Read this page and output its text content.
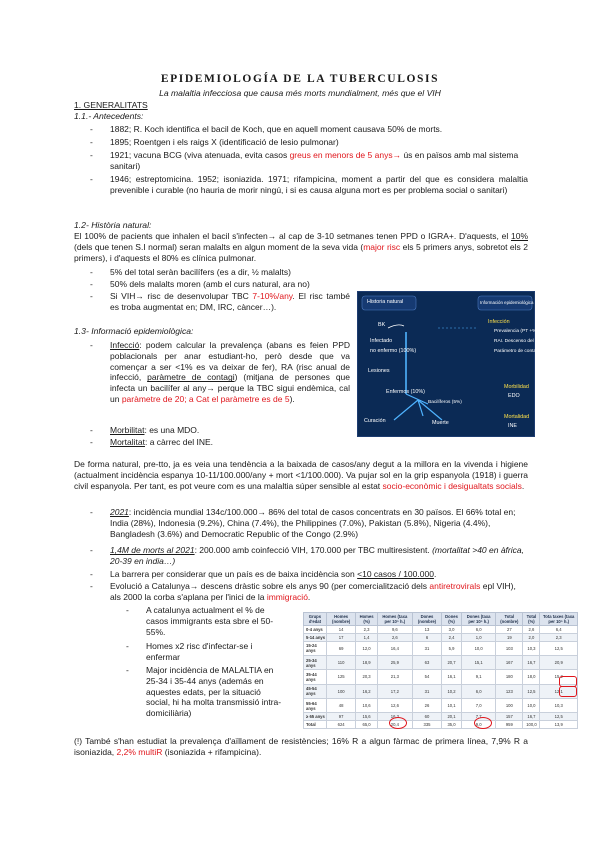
EPIDEMIOLOGÍA DE LA TUBERCULOSIS
La malaltia infecciosa que causa més morts mundialment, més que el VIH
1. GENERALITATS
1.1.- Antecedents:
- 1882; R. Koch identifica el bacil de Koch, que en aquell moment causava 50% de morts.
- 1895; Roentgen i els raigs X (identificació de lesio pulmonar)
- 1921; vacuna BCG (viva atenuada, evita casos greus en menors de 5 anys→ ús en països amb mal sistema sanitari)
- 1946; estreptomicina. 1952; isoniazida. 1971; rifampicina, moment a partir del que es considera malaltia prevenible i curable (no hauria de morir ningú, i si es causa alguna mort es per problema social o sanitari)
1.2- Història natural:
El 100% de pacients que inhalen el bacil s'infecten→ al cap de 3-10 setmanes tenen PPD o IGRA+. D'aquests, el 10% (dels que tenen S.I normal) seran malalts en algun moment de la seva vida (major risc els 5 primers anys, sobretot els 2 primers), i d'aquests el 80% es clínica pulmonar.
- 5% del total seràn bacilífers (es a dir, ½ malalts)
- 50% dels malalts moren (amb el curs natural, ara no)
- Si VIH→ risc de desenvolupar TBC 7-10%/any. El risc també es troba augmentat en; DM, IRC, càncer…).
1.3- Informació epidemiològica:
- Infecció: podem calcular la prevalença (abans es feien PPD poblacionals per anar estudiant-ho, però desde que va començar a ser <1% es va deixar de fer), RA (risc anual de infecció, paràmetre de contagi) (mitjana de persones que infecta un bacilífer al any→ perque la TBC sigui endèmica, cal un paràmetre de 20; a Cat el paràmetre es de 5).
- Morbilitat: es una MDO.
- Mortalitat: a càrrec del INE.
Historia natural	Información epidemiológica
BK	Infección
Prevalencia (PT +%)
RAI. Descenso del RAI
Parámetro de contagio
Infectado
no enfermo (100%)
Lesiones
Enfermos (10%)
Bacilíferos (5%)
Morbilidad
EDO
Mortalidad
INE
Curación	Muerte
De forma natural, pre-tto, ja es veia una tendència a la baixada de casos/any degut a la millora en la vivenda i higiene (actualment incidència espanya 10-11/100.000/any + mort <1/100.000). Va pujar sol en la grip espanyola (1918) i guerra civil espanyola. Per tant, es pot veure com es una malaltia súper sensible al estat socio-econòmic i desigualtats socials.
- 2021: incidència mundial 134c/100.000→ 86% del total de casos concentrats en 30 països. El 66% total en; India (28%), Indonesia (9.2%), China (7.4%), the Philippines (7.0%), Pakistan (5.8%), Nigeria (4.4%), Bangladesh (3.6%) and Democratic Republic of the Congo (2.9%)
- 1,4M de morts al 2021: 200.000 amb coinfecció VIH, 170.000 per TBC multiresistent. (mortalitat >40 en àfrica, 20-39 en india…)
- La barrera per considerar que un país es de baixa incidència son <10 casos / 100.000.
- Evolució a Catalunya→ descens dràstic sobre els anys 90 (per comercialització dels antiretrovirals epl VIH), als 2000 la corba s'aplana per l'inici de la immigració.
- A catalunya actualment el % de casos immigrants esta sbre el 50-55%.
- Homes x2 risc d'infectar-se i enfermar
- Major incidència de MALALTIA en 25-34 i 35-44 anys (además en aquestes edats, per la situació social, hi ha molta transmissió intra-domiciliària)
Grups d'edat	Homes (nombre)	Homes (%)	Homes (taxa per 10⁵ h.)	Dones (nombre)	Dones (%)	Dones (taxa per 10⁵ h.)	Total (nombre)	Total (%)	Tota taxes (taxa per 10⁵ h.)
0-4 anys	14	2,3	9,6	13	3,0	6,0	27	2,6	6,4
5-14 anys	17	1,4	2,6	6	2,4	1,0	19	2,0	2,3
15-24 anys	69	12,0	16,4	31	5,9	10,0	103	10,3	12,5
25-34 anys	110	18,9	25,9	63	20,7	15,1	167	16,7	20,9
35-44 anys	125	20,3	21,3	54	16,1	9,1	180	18,0	15,2
45-54 anys	100	16,2	17,2	31	10,2	6,0	123	12,5	12,1
55-64 anys	48	10,6	12,6	26	10,1	7,0	100	10,0	10,3
≥ 65 anys	97	15,6	16,3	60	20,1	7,7	157	16,7	12,5
Total	624	65,0	20,4	335	35,0	9,0	959	100,0	13,9
(!) També s'han estudiat la prevalença d'aïllament de resistències; 16% R a algun fàrmac de primera línea, 7,9% R a isoniazida, 2,2% multiR (isoniazida + rifampicina).
